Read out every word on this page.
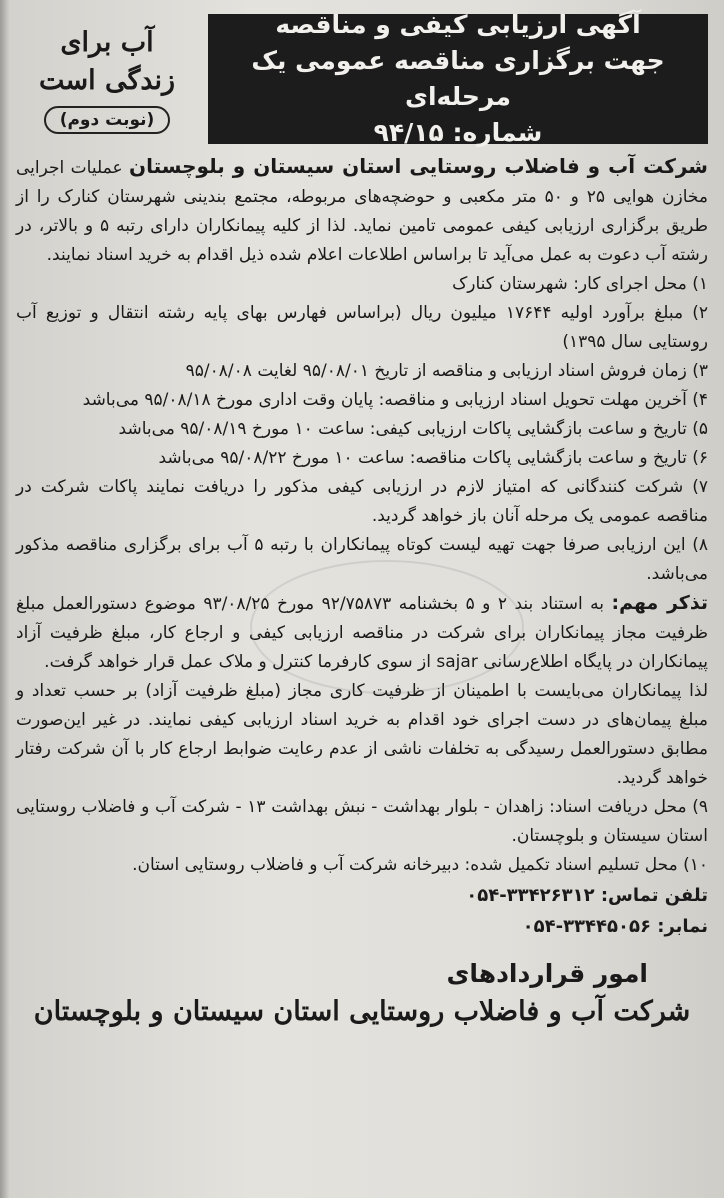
آگهی ارزیابی کیفی و مناقصه
جهت برگزاری مناقصه عمومی یک مرحله‌ای
شماره: ۹۴/۱۵
آب برای
زندگی است
(نوبت دوم)

شرکت آب و فاضلاب روستایی استان سیستان و بلوچستان عملیات اجرایی مخازن هوایی ۲۵ و ۵۰ متر مکعبی و حوضچه‌های مربوطه، مجتمع بندینی شهرستان کنارک را از طریق برگزاری ارزیابی کیفی عمومی تامین نماید. لذا از کلیه پیمانکاران دارای رتبه ۵ و بالاتر، در رشته آب دعوت به عمل می‌آید تا براساس اطلاعات اعلام شده ذیل اقدام به خرید اسناد نمایند.

۱) محل اجرای کار: شهرستان کنارک

۲) مبلغ برآورد اولیه ۱۷۶۴۴ میلیون ریال (براساس فهارس بهای پایه رشته انتقال و توزیع آب روستایی سال ۱۳۹۵)

۳) زمان فروش اسناد ارزیابی و مناقصه از تاریخ ۹۵/۰۸/۰۱ لغایت ۹۵/۰۸/۰۸

۴) آخرین مهلت تحویل اسناد ارزیابی و مناقصه: پایان وقت اداری مورخ ۹۵/۰۸/۱۸ می‌باشد

۵) تاریخ و ساعت بازگشایی پاکات ارزیابی کیفی: ساعت ۱۰ مورخ ۹۵/۰۸/۱۹ می‌باشد

۶) تاریخ و ساعت بازگشایی پاکات مناقصه: ساعت ۱۰ مورخ ۹۵/۰۸/۲۲ می‌باشد

۷) شرکت کنندگانی که امتیاز لازم در ارزیابی کیفی مذکور را دریافت نمایند پاکات شرکت در مناقصه عمومی یک مرحله آنان باز خواهد گردید.

۸) این ارزیابی صرفا جهت تهیه لیست کوتاه پیمانکاران با رتبه ۵ آب برای برگزاری مناقصه مذکور می‌باشد.

تذکر مهم: به استناد بند ۲ و ۵ بخشنامه ۹۲/۷۵۸۷۳ مورخ ۹۳/۰۸/۲۵ موضوع دستورالعمل مبلغ ظرفیت مجاز پیمانکاران برای شرکت در مناقصه ارزیابی کیفی و ارجاع کار، مبلغ ظرفیت آزاد پیمانکاران در پایگاه اطلاع‌رسانی sajar از سوی کارفرما کنترل و ملاک عمل قرار خواهد گرفت.

لذا پیمانکاران می‌بایست با اطمینان از ظرفیت کاری مجاز (مبلغ ظرفیت آزاد) بر حسب تعداد و مبلغ پیمان‌های در دست اجرای خود اقدام به خرید اسناد ارزیابی کیفی نمایند. در غیر این‌صورت مطابق دستورالعمل رسیدگی به تخلفات ناشی از عدم رعایت ضوابط ارجاع کار با آن شرکت رفتار خواهد گردید.

۹) محل دریافت اسناد: زاهدان - بلوار بهداشت - نبش بهداشت ۱۳ - شرکت آب و فاضلاب روستایی استان سیستان و بلوچستان.

۱۰) محل تسلیم اسناد تکمیل شده: دبیرخانه شرکت آب و فاضلاب روستایی استان.

تلفن تماس: ۰۵۴-۳۳۴۲۶۳۱۲
نمابر: ۰۵۴-۳۳۴۴۵۰۵۶
امور قراردادهای
شرکت آب و فاضلاب روستایی استان سیستان و بلوچستان
